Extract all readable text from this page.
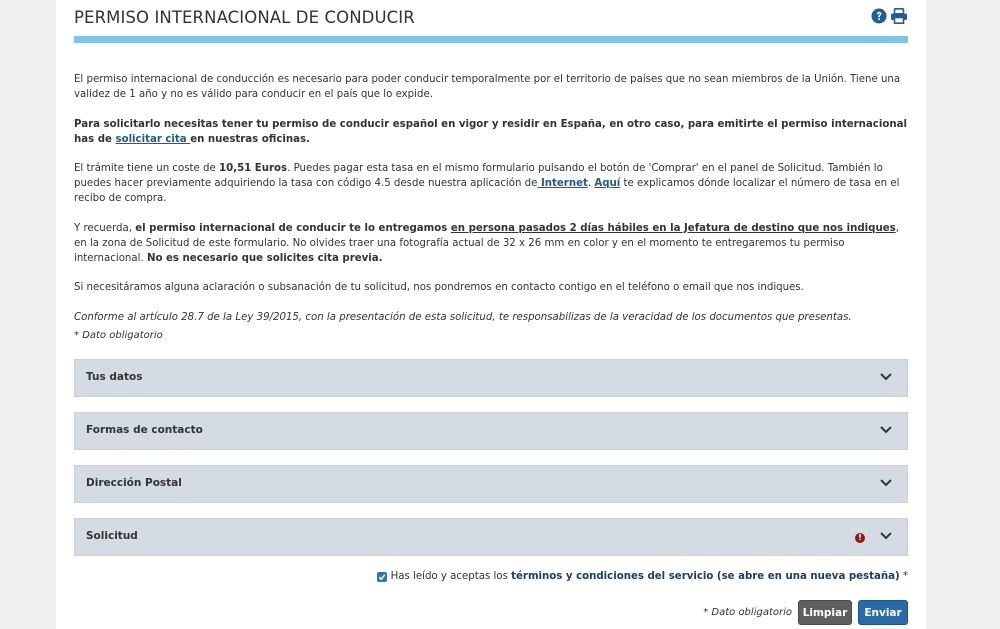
PERMISO INTERNACIONAL DE CONDUCIR

El permiso internacional de conducción es necesario para poder conducir temporalmente por el territorio de países que no sean miembros de la Unión. Tiene una validez de 1 año y no es válido para conducir en el país que lo expide.

Para solicitarlo necesitas tener tu permiso de conducir español en vigor y residir en España, en otro caso, para emitirte el permiso internacional has de solicitar cita en nuestras oficinas.

El trámite tiene un coste de 10,51 Euros. Puedes pagar esta tasa en el mismo formulario pulsando el botón de 'Comprar' en el panel de Solicitud. También lo puedes hacer previamente adquiriendo la tasa con código 4.5 desde nuestra aplicación de Internet. Aquí te explicamos dónde localizar el número de tasa en el recibo de compra.

Y recuerda, el permiso internacional de conducir te lo entregamos en persona pasados 2 días hábiles en la Jefatura de destino que nos indiques, en la zona de Solicitud de este formulario. No olvides traer una fotografía actual de 32 x 26 mm en color y en el momento te entregaremos tu permiso internacional. No es necesario que solicites cita previa.

Si necesitáramos alguna aclaración o subsanación de tu solicitud, nos pondremos en contacto contigo en el teléfono o email que nos indiques.

Conforme al artículo 28.7 de la Ley 39/2015, con la presentación de esta solicitud, te responsabilizas de la veracidad de los documentos que presentas.

* Dato obligatorio
Tus datos
Formas de contacto
Dirección Postal
Solicitud	!
Has leído y aceptas los términos y condiciones del servicio (se abre en una nueva pestaña) *
* Dato obligatorio	Limpiar	Enviar
